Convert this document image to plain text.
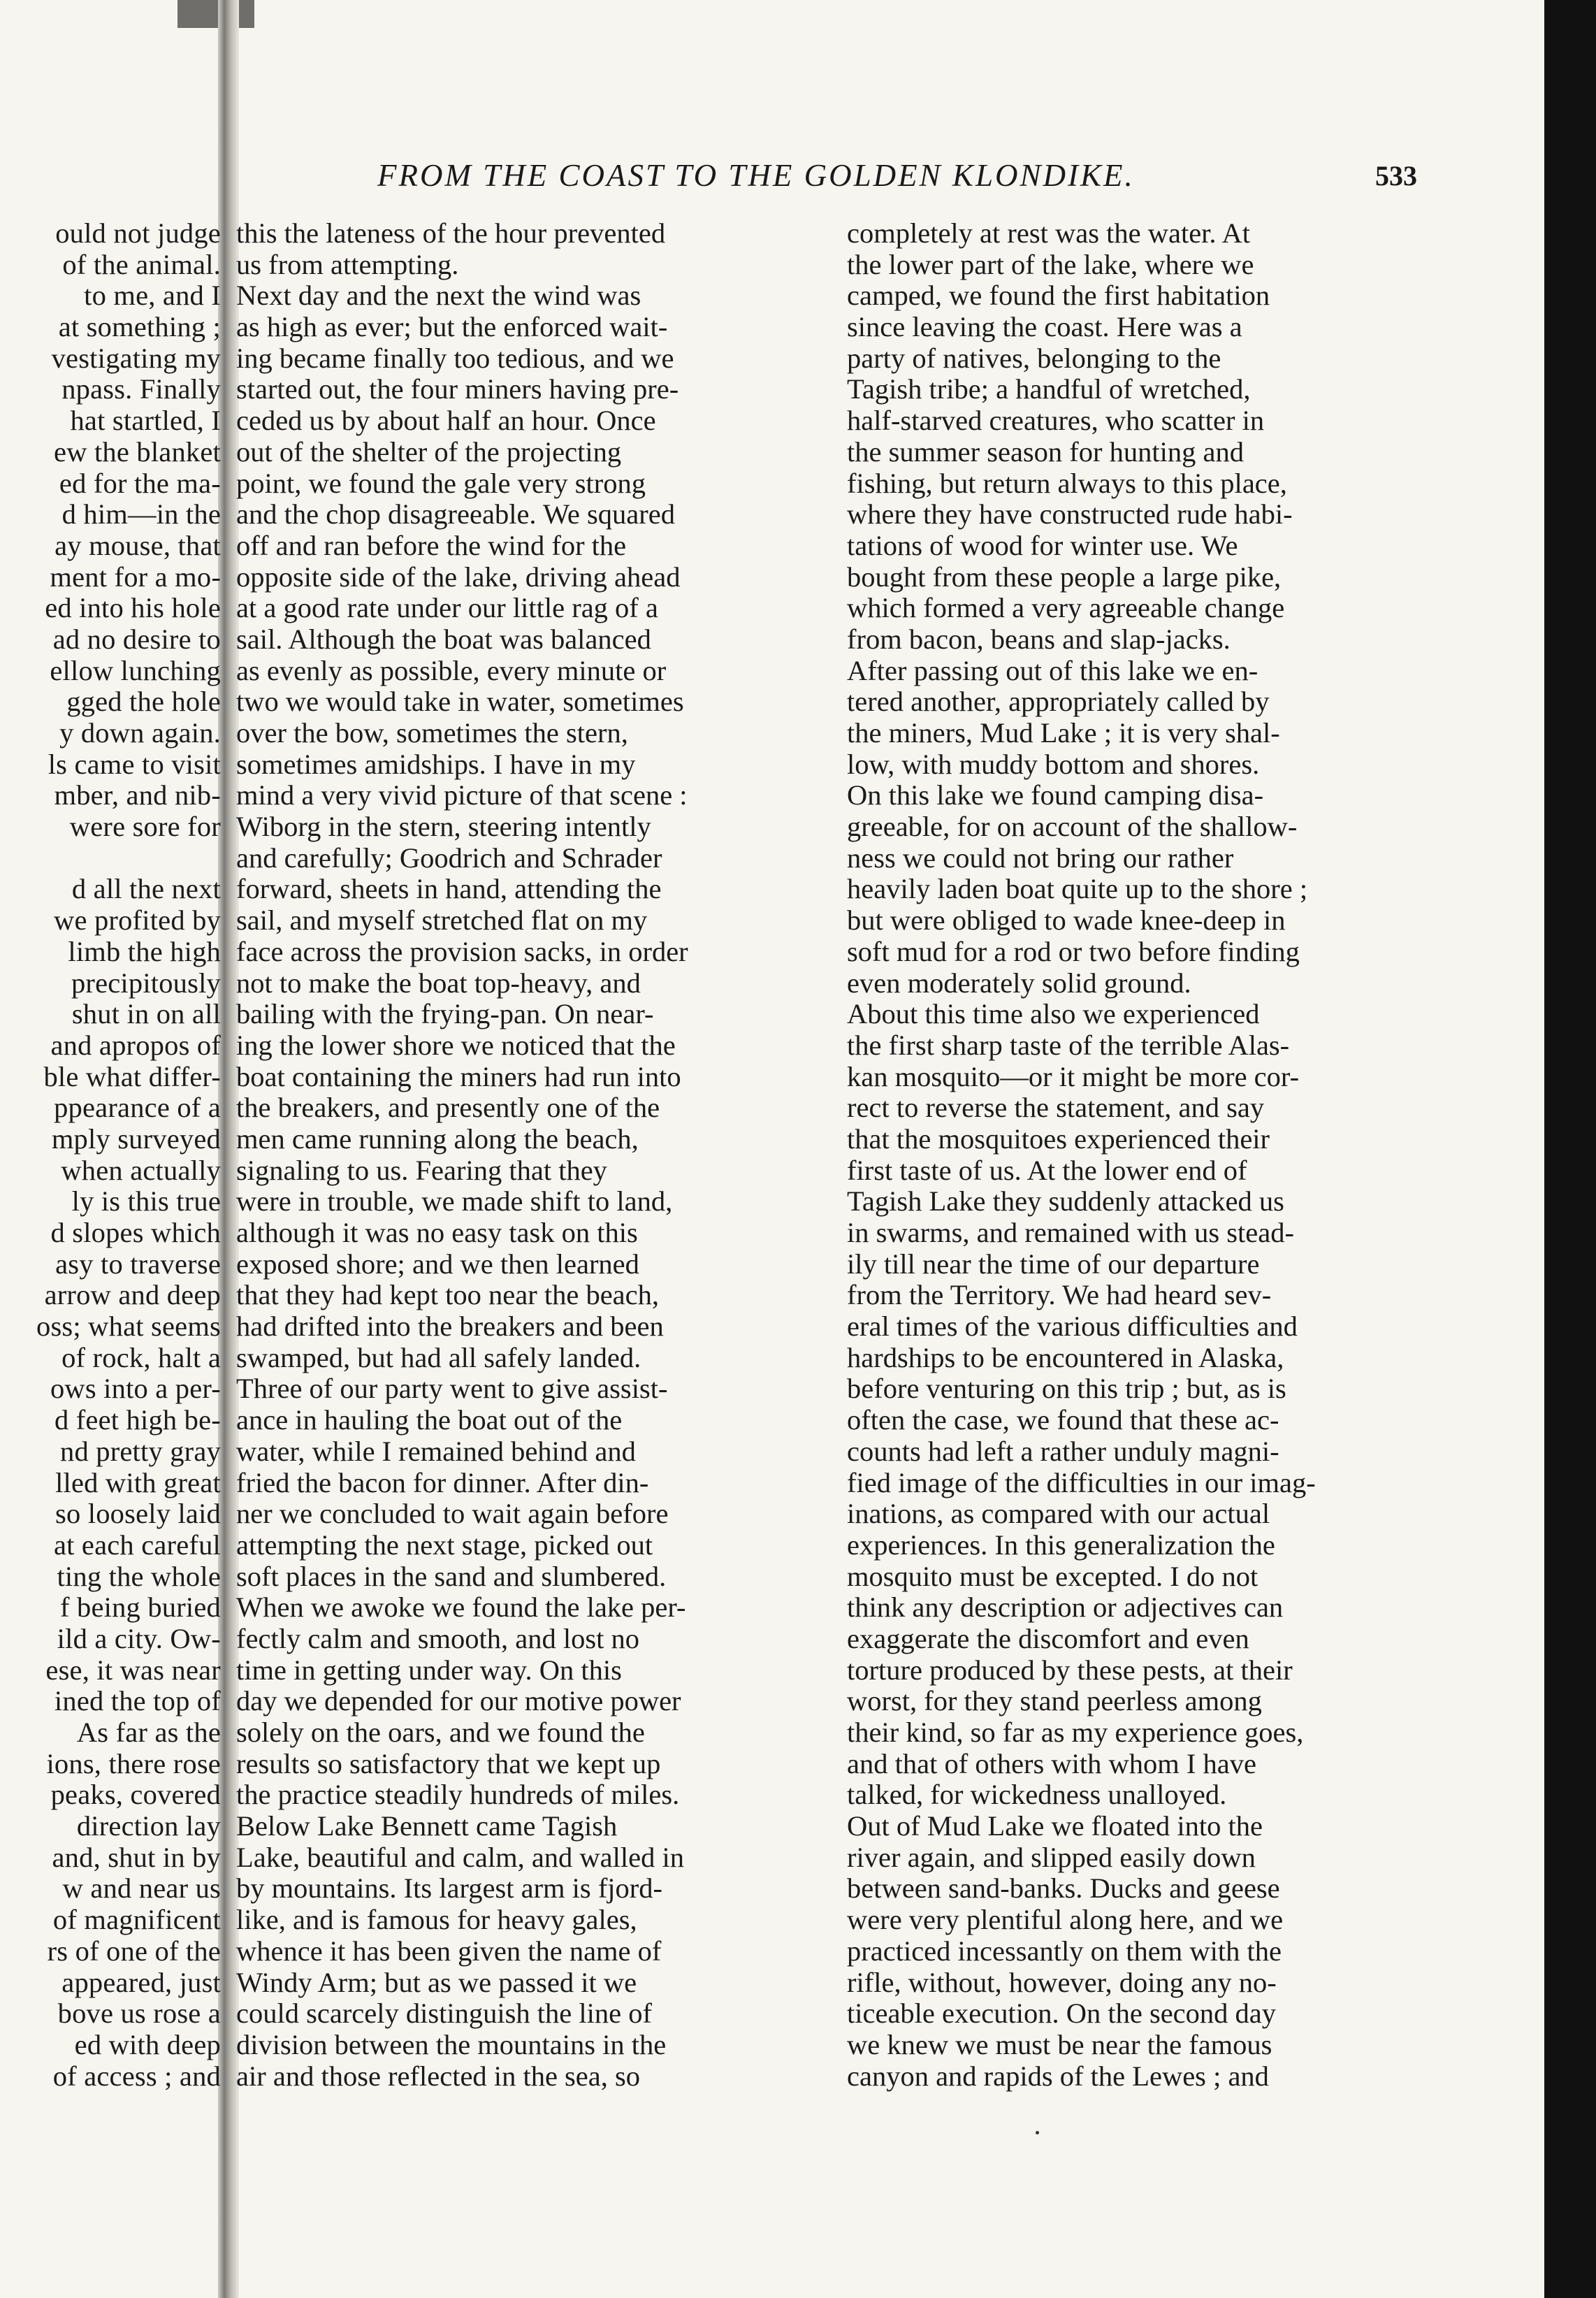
FROM THE COAST TO THE GOLDEN KLONDIKE.	533
ould not judge
of the animal.
to me, and I
at something ;
vestigating my
npass. Finally
hat startled, I
ew the blanket
ed for the ma-
d him—in the
ay mouse, that
ment for a mo-
ed into his hole
ad no desire to
ellow lunching
gged the hole
y down again.
ls came to visit
mber, and nib-
were sore for
d all the next
we profited by
limb the high
precipitously
shut in on all
and apropos of
ble what differ-
ppearance of a
mply surveyed
when actually
ly is this true
d slopes which
asy to traverse
arrow and deep
oss; what seems
of rock, halt a
ows into a per-
d feet high be-
nd pretty gray
lled with great
so loosely laid
at each careful
ting the whole
f being buried
ild a city. Ow-
ese, it was near
ined the top of
As far as the
ions, there rose
peaks, covered
direction lay
and, shut in by
w and near us
of magnificent
rs of one of the
appeared, just
bove us rose a
ed with deep
of access ; and
this the lateness of the hour prevented
us from attempting.
Next day and the next the wind was
as high as ever; but the enforced wait-
ing became finally too tedious, and we
started out, the four miners having pre-
ceded us by about half an hour. Once
out of the shelter of the projecting
point, we found the gale very strong
and the chop disagreeable. We squared
off and ran before the wind for the
opposite side of the lake, driving ahead
at a good rate under our little rag of a
sail. Although the boat was balanced
as evenly as possible, every minute or
two we would take in water, sometimes
over the bow, sometimes the stern,
sometimes amidships. I have in my
mind a very vivid picture of that scene :
Wiborg in the stern, steering intently
and carefully; Goodrich and Schrader
forward, sheets in hand, attending the
sail, and myself stretched flat on my
face across the provision sacks, in order
not to make the boat top-heavy, and
bailing with the frying-pan. On near-
ing the lower shore we noticed that the
boat containing the miners had run into
the breakers, and presently one of the
men came running along the beach,
signaling to us. Fearing that they
were in trouble, we made shift to land,
although it was no easy task on this
exposed shore; and we then learned
that they had kept too near the beach,
had drifted into the breakers and been
swamped, but had all safely landed.
Three of our party went to give assist-
ance in hauling the boat out of the
water, while I remained behind and
fried the bacon for dinner. After din-
ner we concluded to wait again before
attempting the next stage, picked out
soft places in the sand and slumbered.
When we awoke we found the lake per-
fectly calm and smooth, and lost no
time in getting under way. On this
day we depended for our motive power
solely on the oars, and we found the
results so satisfactory that we kept up
the practice steadily hundreds of miles.
Below Lake Bennett came Tagish
Lake, beautiful and calm, and walled in
by mountains. Its largest arm is fjord-
like, and is famous for heavy gales,
whence it has been given the name of
Windy Arm; but as we passed it we
could scarcely distinguish the line of
division between the mountains in the
air and those reflected in the sea, so
completely at rest was the water. At
the lower part of the lake, where we
camped, we found the first habitation
since leaving the coast. Here was a
party of natives, belonging to the
Tagish tribe; a handful of wretched,
half-starved creatures, who scatter in
the summer season for hunting and
fishing, but return always to this place,
where they have constructed rude habi-
tations of wood for winter use. We
bought from these people a large pike,
which formed a very agreeable change
from bacon, beans and slap-jacks.
After passing out of this lake we en-
tered another, appropriately called by
the miners, Mud Lake ; it is very shal-
low, with muddy bottom and shores.
On this lake we found camping disa-
greeable, for on account of the shallow-
ness we could not bring our rather
heavily laden boat quite up to the shore ;
but were obliged to wade knee-deep in
soft mud for a rod or two before finding
even moderately solid ground.
About this time also we experienced
the first sharp taste of the terrible Alas-
kan mosquito—or it might be more cor-
rect to reverse the statement, and say
that the mosquitoes experienced their
first taste of us. At the lower end of
Tagish Lake they suddenly attacked us
in swarms, and remained with us stead-
ily till near the time of our departure
from the Territory. We had heard sev-
eral times of the various difficulties and
hardships to be encountered in Alaska,
before venturing on this trip ; but, as is
often the case, we found that these ac-
counts had left a rather unduly magni-
fied image of the difficulties in our imag-
inations, as compared with our actual
experiences. In this generalization the
mosquito must be excepted. I do not
think any description or adjectives can
exaggerate the discomfort and even
torture produced by these pests, at their
worst, for they stand peerless among
their kind, so far as my experience goes,
and that of others with whom I have
talked, for wickedness unalloyed.
Out of Mud Lake we floated into the
river again, and slipped easily down
between sand-banks. Ducks and geese
were very plentiful along here, and we
practiced incessantly on them with the
rifle, without, however, doing any no-
ticeable execution. On the second day
we knew we must be near the famous
canyon and rapids of the Lewes ; and
